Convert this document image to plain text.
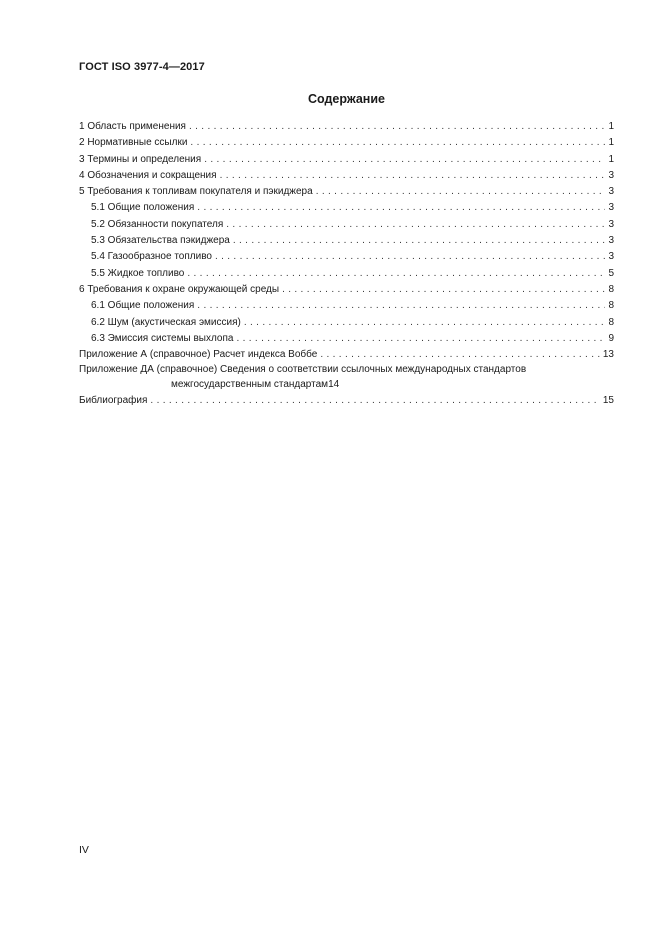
ГОСТ ISO 3977-4—2017
Содержание
1 Область применения . . .	1
2 Нормативные ссылки . . .	1
3 Термины и определения . . .	1
4 Обозначения и сокращения . . .	3
5 Требования к топливам покупателя и пэкиджера . . .	3
5.1 Общие положения . . .	3
5.2 Обязанности покупателя . . .	3
5.3 Обязательства пэкиджера . . .	3
5.4 Газообразное топливо . . .	3
5.5 Жидкое топливо . . .	5
6 Требования к охране окружающей среды . . .	8
6.1 Общие положения . . .	8
6.2 Шум (акустическая эмиссия) . . .	8
6.3 Эмиссия системы выхлопа . . .	9
Приложение А (справочное) Расчет индекса Воббе . . .	13
Приложение ДА (справочное) Сведения о соответствии ссылочных международных стандартов
межгосударственным стандартам 14
Библиография . . .	15
IV
